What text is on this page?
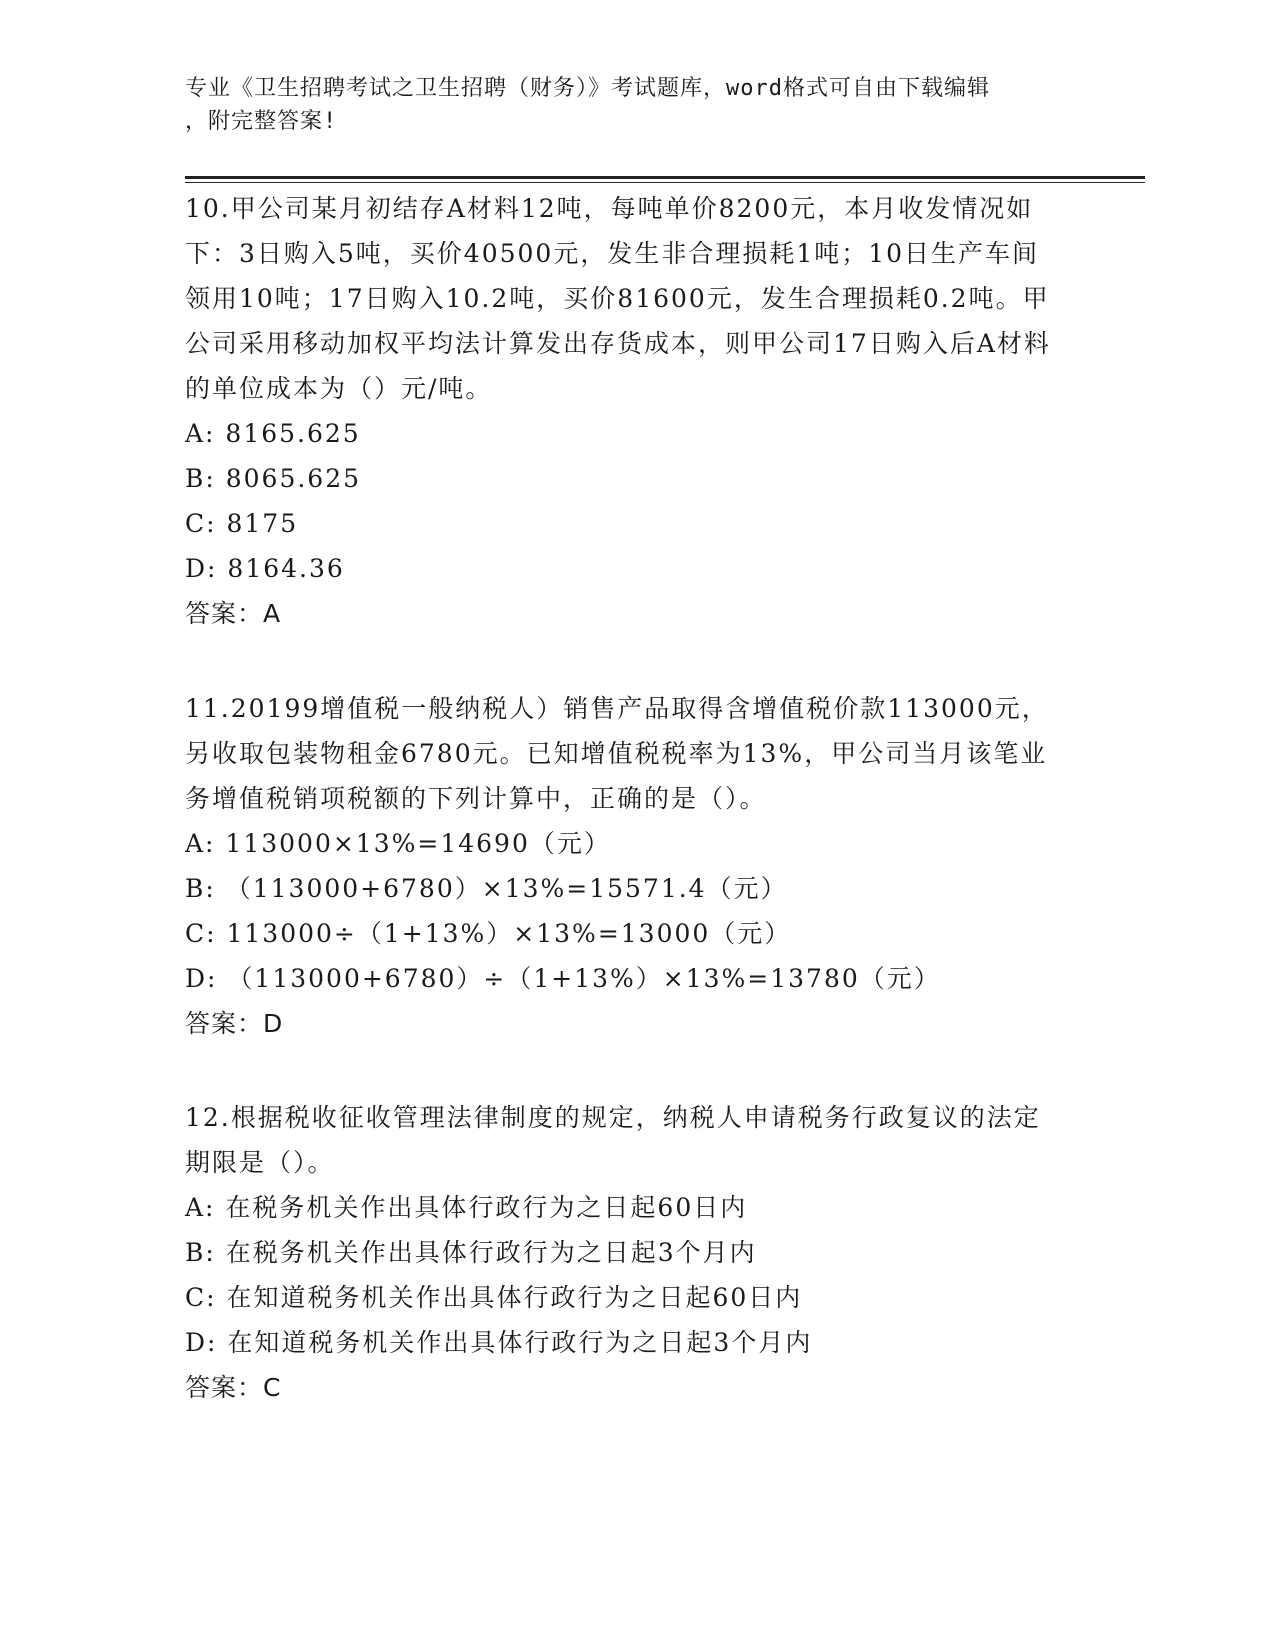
专业《卫生招聘考试之卫生招聘（财务）》考试题库，word格式可自由下载编辑
，附完整答案!
10.甲公司某月初结存A材料12吨，每吨单价8200元，本月收发情况如下：3日购入5吨，买价40500元，发生非合理损耗1吨；10日生产车间领用10吨；17日购入10.2吨，买价81600元，发生合理损耗0.2吨。甲公司采用移动加权平均法计算发出存货成本，则甲公司17日购入后A材料的单位成本为（）元/吨。
A: 8165.625
B: 8065.625
C: 8175
D: 8164.36
答案：A
11.20199增值税一般纳税人）销售产品取得含增值税价款113000元，另收取包装物租金6780元。已知增值税税率为13%，甲公司当月该笔业务增值税销项税额的下列计算中，正确的是（）。
A: 113000×13%=14690（元）
B: （113000+6780）×13%=15571.4（元）
C: 113000÷（1+13%）×13%=13000（元）
D: （113000+6780）÷（1+13%）×13%=13780（元）
答案：D
12.根据税收征收管理法律制度的规定，纳税人申请税务行政复议的法定期限是（）。
A: 在税务机关作出具体行政行为之日起60日内
B: 在税务机关作出具体行政行为之日起3个月内
C: 在知道税务机关作出具体行政行为之日起60日内
D: 在知道税务机关作出具体行政行为之日起3个月内
答案：C
